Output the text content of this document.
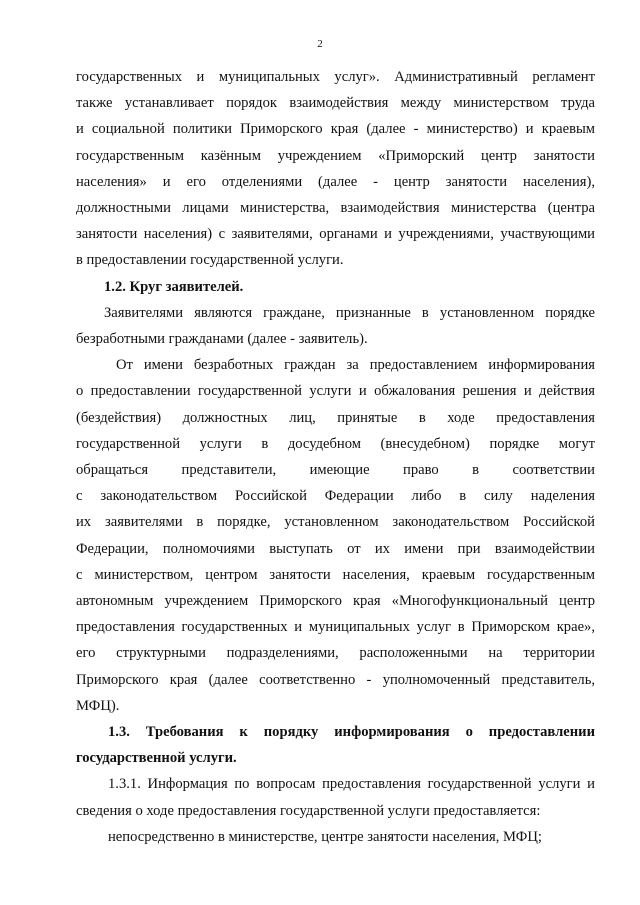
2

государственных и муниципальных услуг». Административный регламент

также устанавливает порядок взаимодействия между министерством труда

и социальной политики Приморского края (далее - министерство) и краевым

государственным казённым учреждением «Приморский центр занятости

населения» и его отделениями (далее - центр занятости населения),

должностными лицами министерства, взаимодействия министерства (центра

занятости населения) с заявителями, органами и учреждениями, участвующими

в предоставлении государственной услуги.

1.2. Круг заявителей.

Заявителями являются граждане, признанные в установленном порядке

безработными гражданами (далее - заявитель).

От имени безработных граждан за предоставлением информирования

о предоставлении государственной услуги и обжалования решения и действия

(бездействия) должностных лиц, принятые в ходе предоставления

государственной услуги в досудебном (внесудебном) порядке могут

обращаться представители, имеющие право в соответствии

с законодательством Российской Федерации либо в силу наделения

их заявителями в порядке, установленном законодательством Российской

Федерации, полномочиями выступать от их имени при взаимодействии

с министерством, центром занятости населения, краевым государственным

автономным учреждением Приморского края «Многофункциональный центр

предоставления государственных и муниципальных услуг в Приморском крае»,

его структурными подразделениями, расположенными на территории

Приморского края (далее соответственно - уполномоченный представитель,

МФЦ).

1.3. Требования к порядку информирования о предоставлении

государственной услуги.

1.3.1. Информация по вопросам предоставления государственной услуги и

сведения о ходе предоставления государственной услуги предоставляется:

непосредственно в министерстве, центре занятости населения, МФЦ;
